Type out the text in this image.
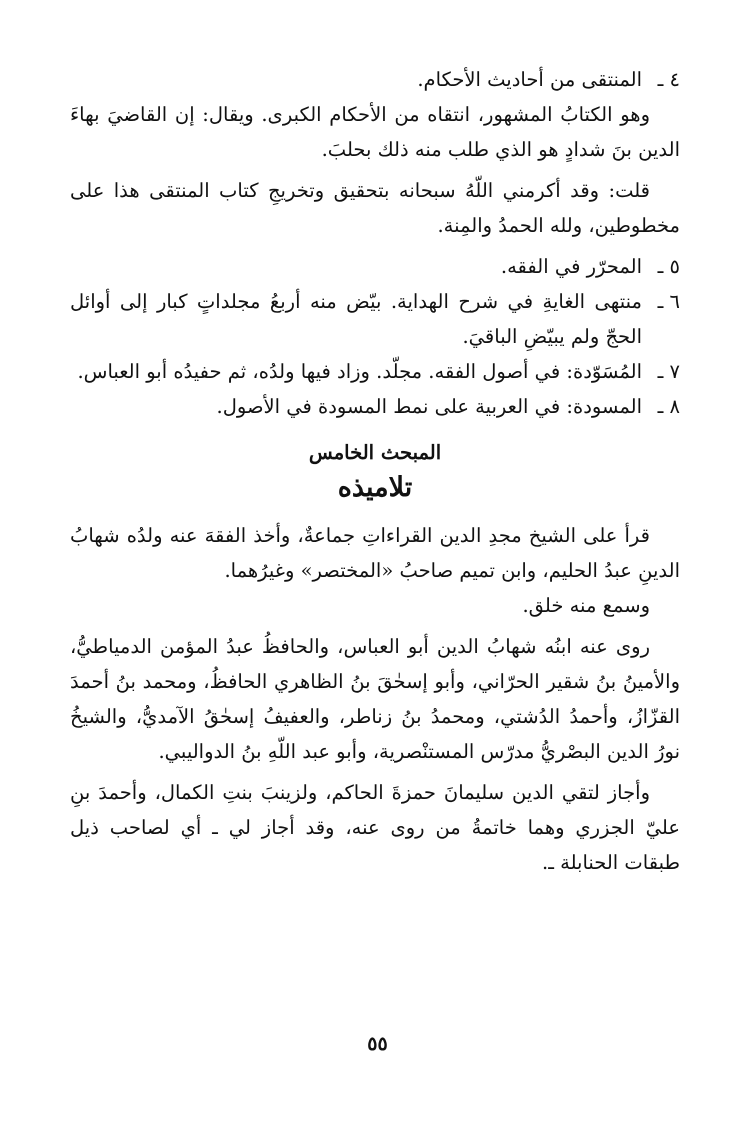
٤ ـ
المنتقى من أحاديث الأحكام.
وهو الكتابُ المشهور، انتقاه من الأحكام الكبرى. ويقال: إن القاضيَ بهاءَ الدين بنَ شدادٍ هو الذي طلب منه ذلك بحلبَ.
قلت: وقد أكرمني اللّهُ سبحانه بتحقيق وتخريجِ كتاب المنتقى هذا على مخطوطين، ولله الحمدُ والمِنة.
٥ ـ
المحرّر في الفقه.
٦ ـ
منتهى الغايةِ في شرح الهداية. بيّض منه أربعُ مجلداتٍ كبار إلى أوائل الحجّ ولم يبيّضِ الباقيَ.
٧ ـ
المُسَوّدة: في أصول الفقه. مجلّد. وزاد فيها ولدُه، ثم حفيدُه أبو العباس.
٨ ـ
المسودة: في العربية على نمط المسودة في الأصول.
المبحث الخامس
تلاميذه
قرأ على الشيخ مجدِ الدين القراءاتِ جماعةٌ، وأخذ الفقهَ عنه ولدُه شهابُ الدينِ عبدُ الحليم، وابن تميم صاحبُ «المختصر» وغيرُهما.
وسمع منه خلق.
روى عنه ابنُه شهابُ الدين أبو العباس، والحافظُ عبدُ المؤمن الدمياطيُّ، والأمينُ بنُ شقير الحرّاني، وأبو إسحٰقَ بنُ الظاهري الحافظُ، ومحمد بنُ أحمدَ القزّازُ، وأحمدُ الدُشتي، ومحمدُ بنُ زناطر، والعفيفُ إسحٰقُ الآمديُّ، والشيخُ نورُ الدين البصْريُّ مدرّس المستنْصرية، وأبو عبد اللّهِ بنُ الدواليبي.
وأجاز لتقي الدين سليمانَ حمزةَ الحاكم، ولزينبَ بنتِ الكمال، وأحمدَ بنِ عليّ الجزري وهما خاتمةُ من روى عنه، وقد أجاز لي ـ أي لصاحب ذيل طبقات الحنابلة ـ.
٥٥
